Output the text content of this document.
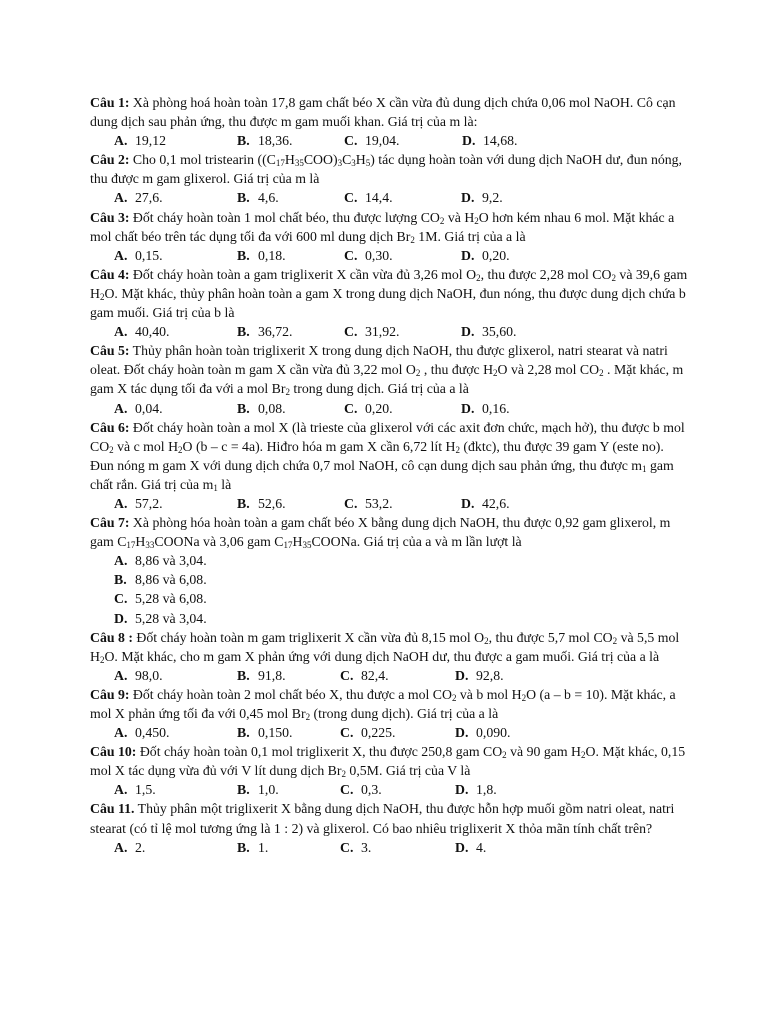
Câu 1: Xà phòng hoá hoàn toàn 17,8 gam chất béo X cần vừa đủ dung dịch chứa 0,06 mol NaOH. Cô cạn dung dịch sau phản ứng, thu được m gam muối khan. Giá trị của m là:

A. 19,12	B. 18,36.	C. 19,04.	D. 14,68.

Câu 2: Cho 0,1 mol tristearin $((C_{17}H_{35}COO)_3C_3H_5)$ tác dụng hoàn toàn với dung dịch NaOH dư, đun nóng, thu được m gam glixerol. Giá trị của m là

A. 27,6.	B. 4,6.	C. 14,4.	D. 9,2.

Câu 3: Đốt cháy hoàn toàn 1 mol chất béo, thu được lượng $CO_2$ và $H_2O$ hơn kém nhau 6 mol. Mặt khác a mol chất béo trên tác dụng tối đa với 600 ml dung dịch $Br_2$ 1M. Giá trị của a là

A. 0,15.	B. 0,18.	C. 0,30.	D. 0,20.

Câu 4: Đốt cháy hoàn toàn a gam triglixerit X cần vừa đủ 3,26 mol $O_2$, thu được 2,28 mol $CO_2$ và 39,6 gam $H_2O$. Mặt khác, thủy phân hoàn toàn a gam X trong dung dịch NaOH, đun nóng, thu được dung dịch chứa b gam muối. Giá trị của b là

A. 40,40.	B. 36,72.	C. 31,92.	D. 35,60.

Câu 5: Thủy phân hoàn toàn triglixerit X trong dung dịch NaOH, thu được glixerol, natri stearat và natri oleat. Đốt cháy hoàn toàn m gam X cần vừa đủ 3,22 mol $O_2$ , thu được $H_2O$ và 2,28 mol $CO_2$ . Mặt khác, m gam X tác dụng tối đa với a mol $Br_2$ trong dung dịch. Giá trị của a là

A. 0,04.	B. 0,08.	C. 0,20.	D. 0,16.

Câu 6: Đốt cháy hoàn toàn a mol X (là trieste của glixerol với các axit đơn chức, mạch hở), thu được b mol $CO_2$ và c mol $H_2O$ (b – c = 4a). Hiđro hóa m gam X cần 6,72 lít $H_2$ (đktc), thu được 39 gam Y (este no). Đun nóng m gam X với dung dịch chứa 0,7 mol NaOH, cô cạn dung dịch sau phản ứng, thu được $m_1$ gam chất rắn. Giá trị của $m_1$ là

A. 57,2.	B. 52,6.	C. 53,2.	D. 42,6.

Câu 7: Xà phòng hóa hoàn toàn a gam chất béo X bằng dung dịch NaOH, thu được 0,92 gam glixerol, m gam $C_{17}H_{33}COONa$ và 3,06 gam $C_{17}H_{35}COONa$. Giá trị của a và m lần lượt là

A. 8,86 và 3,04.
B. 8,86 và 6,08.
C. 5,28 và 6,08.
D. 5,28 và 3,04.

Câu 8 : Đốt cháy hoàn toàn m gam triglixerit X cần vừa đủ 8,15 mol $O_2$, thu được 5,7 mol $CO_2$ và 5,5 mol $H_2O$. Mặt khác, cho m gam X phản ứng với dung dịch NaOH dư, thu được a gam muối. Giá trị của a là

A. 98,0.	B. 91,8.	C. 82,4.	D. 92,8.

Câu 9: Đốt cháy hoàn toàn 2 mol chất béo X, thu được a mol $CO_2$ và b mol $H_2O$ (a – b = 10). Mặt khác, a mol X phản ứng tối đa với 0,45 mol $Br_2$ (trong dung dịch). Giá trị của a là

A. 0,450.	B. 0,150.	C. 0,225.	D. 0,090.

Câu 10: Đốt cháy hoàn toàn 0,1 mol triglixerit X, thu được 250,8 gam $CO_2$ và 90 gam $H_2O$. Mặt khác, 0,15 mol X tác dụng vừa đủ với V lít dung dịch $Br_2$ 0,5M. Giá trị của V là

A. 1,5.	B. 1,0.	C. 0,3.	D. 1,8.

Câu 11. Thủy phân một triglixerit X bằng dung dịch NaOH, thu được hỗn hợp muối gồm natri oleat, natri stearat (có tỉ lệ mol tương ứng là 1 : 2) và glixerol. Có bao nhiêu triglixerit X thỏa mãn tính chất trên?

A. 2.	B. 1.	C. 3.	D. 4.
